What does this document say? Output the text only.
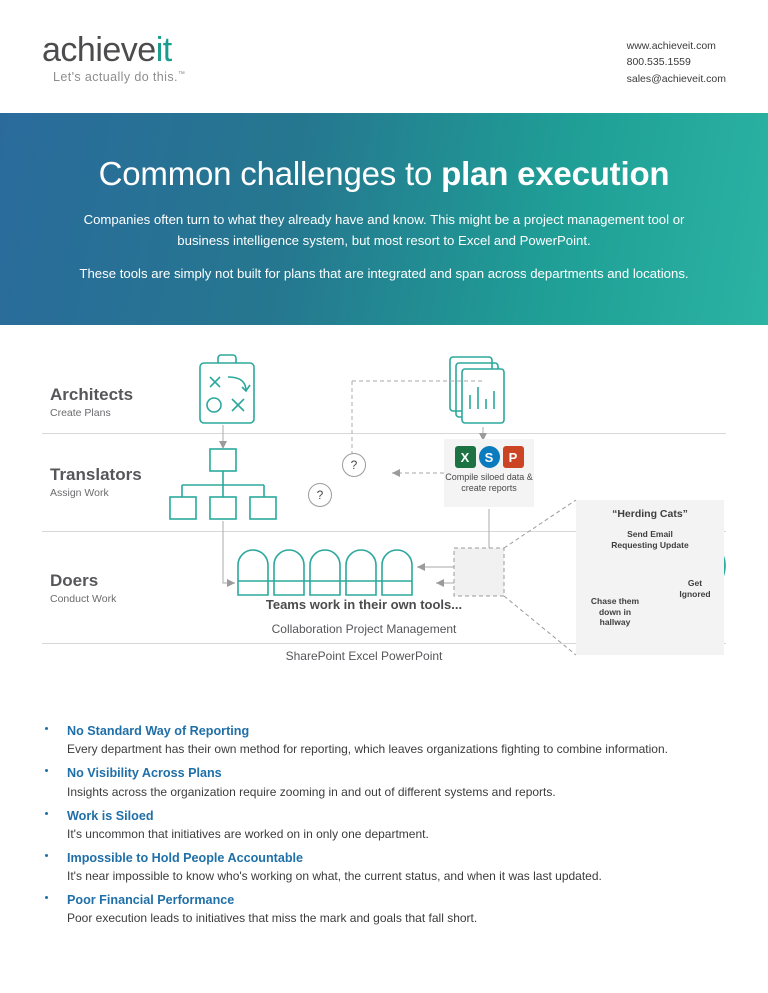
achieveit
Let's actually do this.™
www.achieveit.com
800.535.1559
sales@achieveit.com
Common challenges to plan execution
Companies often turn to what they already have and know. This might be a project management tool or
business intelligence system, but most resort to Excel and PowerPoint.
These tools are simply not built for plans that are integrated and span across departments and locations.
Architects
Create Plans
Translators
Assign Work
Doers
Conduct Work
X	S	P
Compile siloed data & create reports
?
?
Teams work in their own tools...
Collaboration Project Management
SharePoint Excel PowerPoint
“Herding Cats”
Send Email Requesting Update
Get Ignored
Chase them down in hallway
No Standard Way of Reporting
Every department has their own method for reporting, which leaves organizations fighting to combine information.
No Visibility Across Plans
Insights across the organization require zooming in and out of different systems and reports.
Work is Siloed
It's uncommon that initiatives are worked on in only one department.
Impossible to Hold People Accountable
It's near impossible to know who's working on what, the current status, and when it was last updated.
Poor Financial Performance
Poor execution leads to initiatives that miss the mark and goals that fall short.
